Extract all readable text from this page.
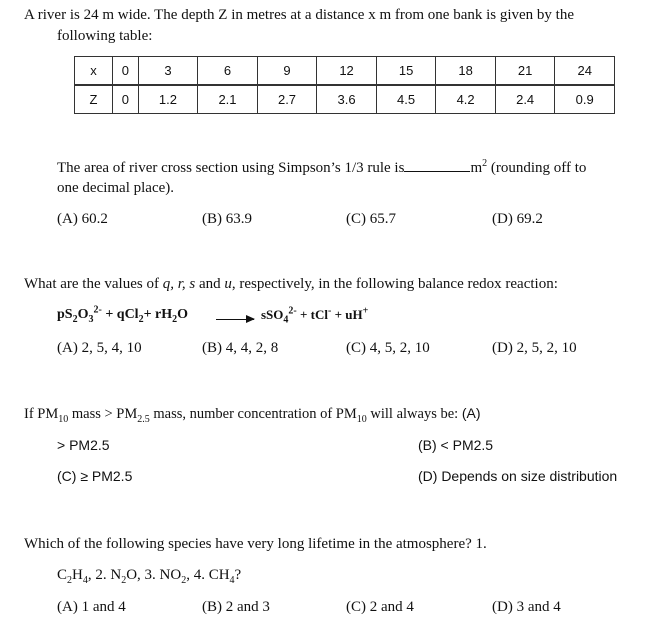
A river is 24 m wide. The depth Z in metres at a distance x m from one bank is given by the
following table:
x	0	3	6	9	12	15	18	21	24
Z	0	1.2	2.1	2.7	3.6	4.5	4.2	2.4	0.9
The area of river cross section using Simpson’s 1/3 rule is	$m^2$ (rounding off to
one decimal place).
(A) 60.2	(B) 63.9	(C) 65.7	(D) 69.2
What are the values of q, r, s and u, respectively, in the following balance redox reaction:
$pS_2O_3^{2-} + qCl_2+ rH_2O \to sSO_4^{2-} + tCl^- + uH^+$
(A) 2, 5, 4, 10	(B) 4, 4, 2, 8	(C) 4, 5, 2, 10	(D) 2, 5, 2, 10
If $PM_{10}$ mass > $PM_{2.5}$ mass, number concentration of $PM_{10}$ will always be: (A)
> PM2.5	(B) < PM2.5
(C) ≥ PM2.5	(D) Depends on size distribution
Which of the following species have very long lifetime in the atmosphere? 1.
$C_2H_4$, 2. $N_2O$, 3. $NO_2$, 4. $CH_4$?
(A) 1 and 4	(B) 2 and 3	(C) 2 and 4	(D) 3 and 4
